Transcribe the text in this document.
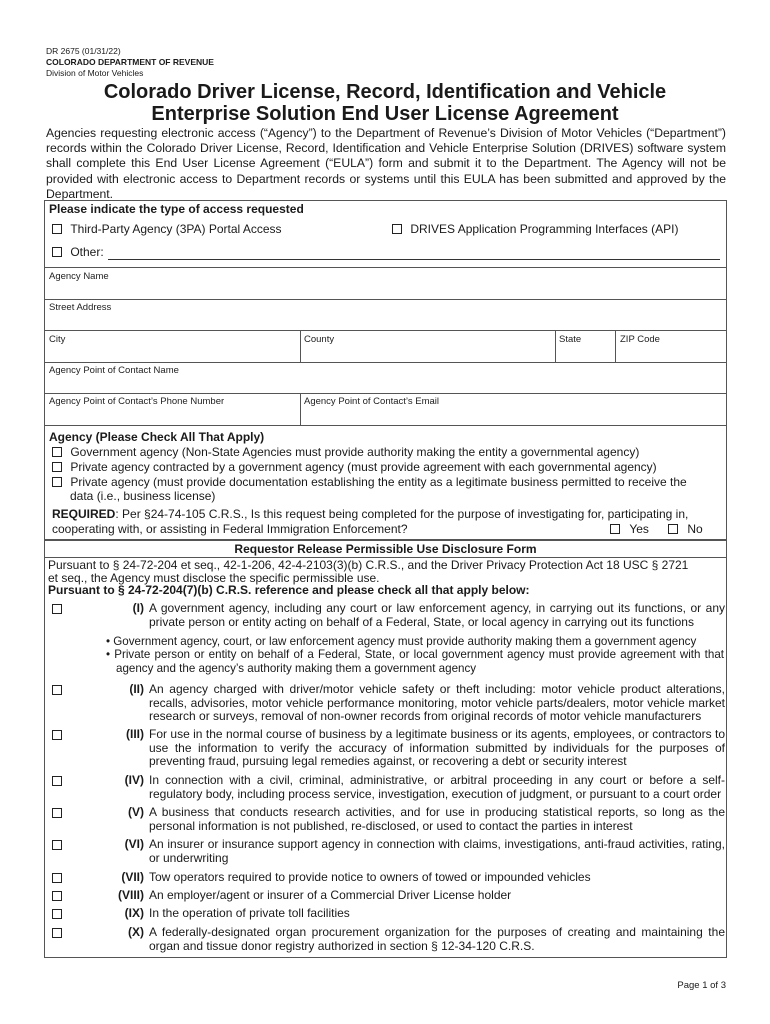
DR 2675 (01/31/22)
COLORADO DEPARTMENT OF REVENUE
Division of Motor Vehicles
Colorado Driver License, Record, Identification and Vehicle
Enterprise Solution End User License Agreement
Agencies requesting electronic access (“Agency”) to the Department of Revenue’s Division of Motor Vehicles (“Department”) records within the Colorado Driver License, Record, Identification and Vehicle Enterprise Solution (DRIVES) software system shall complete this End User License Agreement (“EULA”) form and submit it to the Department. The Agency will not be provided with electronic access to Department records or systems until this EULA has been submitted and approved by the Department.
Please indicate the type of access requested
Third-Party Agency (3PA) Portal Access	DRIVES Application Programming Interfaces (API)
Other:
Agency Name
Street Address
City	County	State	ZIP Code
Agency Point of Contact Name
Agency Point of Contact’s Phone Number	Agency Point of Contact’s Email
Agency (Please Check All That Apply)
Government agency (Non-State Agencies must provide authority making the entity a governmental agency)
Private agency contracted by a government agency (must provide agreement with each governmental agency)
Private agency (must provide documentation establishing the entity as a legitimate business permitted to receive the
data (i.e., business license)
REQUIRED: Per §24-74-105 C.R.S., Is this request being completed for the purpose of investigating for, participating in,
cooperating with, or assisting in Federal Immigration Enforcement?	Yes	No
Requestor Release Permissible Use Disclosure Form
Pursuant to § 24-72-204 et seq., 42-1-206, 42-4-2103(3)(b) C.R.S., and the Driver Privacy Protection Act 18 USC § 2721
et seq., the Agency must disclose the specific permissible use.
Pursuant to § 24-72-204(7)(b) C.R.S. reference and please check all that apply below:
(I) A government agency, including any court or law enforcement agency, in carrying out its functions, or any private person or entity acting on behalf of a Federal, State, or local agency in carrying out its functions
• Government agency, court, or law enforcement agency must provide authority making them a government agency
• Private person or entity on behalf of a Federal, State, or local government agency must provide agreement with that agency and the agency’s authority making them a government agency
(II) An agency charged with driver/motor vehicle safety or theft including: motor vehicle product alterations, recalls, advisories, motor vehicle performance monitoring, motor vehicle parts/dealers, motor vehicle market research or surveys, removal of non-owner records from original records of motor vehicle manufacturers
(III) For use in the normal course of business by a legitimate business or its agents, employees, or contractors to use the information to verify the accuracy of information submitted by individuals for the purposes of preventing fraud, pursuing legal remedies against, or recovering a debt or security interest
(IV) In connection with a civil, criminal, administrative, or arbitral proceeding in any court or before a self-regulatory body, including process service, investigation, execution of judgment, or pursuant to a court order
(V) A business that conducts research activities, and for use in producing statistical reports, so long as the personal information is not published, re-disclosed, or used to contact the parties in interest
(VI) An insurer or insurance support agency in connection with claims, investigations, anti-fraud activities, rating, or underwriting
(VII) Tow operators required to provide notice to owners of towed or impounded vehicles
(VIII) An employer/agent or insurer of a Commercial Driver License holder
(IX) In the operation of private toll facilities
(X) A federally-designated organ procurement organization for the purposes of creating and maintaining the organ and tissue donor registry authorized in section § 12-34-120 C.R.S.
Page 1 of 3
